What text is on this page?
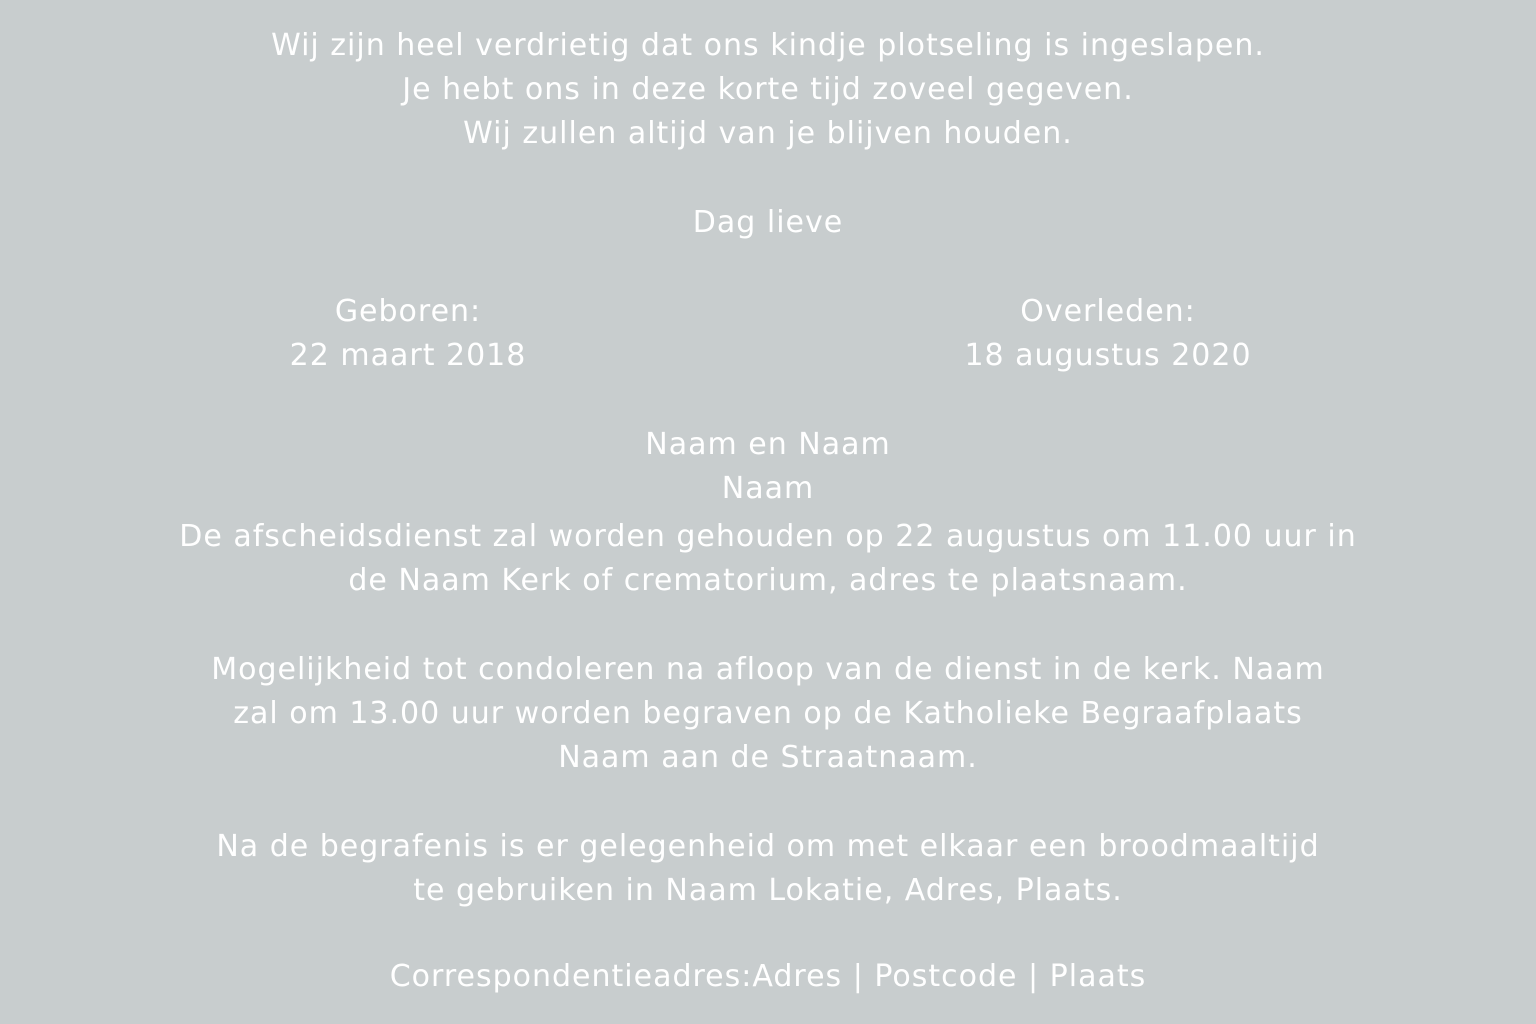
Wij zijn heel verdrietig dat ons kindje plotseling is ingeslapen.
Je hebt ons in deze korte tijd zoveel gegeven.
Wij zullen altijd van je blijven houden.
Dag lieve
Geboren:
22 maart 2018
Overleden:
18 augustus 2020
Naam en Naam
Naam
De afscheidsdienst zal worden gehouden op 22 augustus om 11.00 uur in
de Naam Kerk of crematorium, adres te plaatsnaam.
Mogelijkheid tot condoleren na afloop van de dienst in de kerk. Naam
zal om 13.00 uur worden begraven op de Katholieke Begraafplaats
Naam aan de Straatnaam.
Na de begrafenis is er gelegenheid om met elkaar een broodmaaltijd
te gebruiken in Naam Lokatie, Adres, Plaats.
Correspondentieadres:Adres | Postcode | Plaats
